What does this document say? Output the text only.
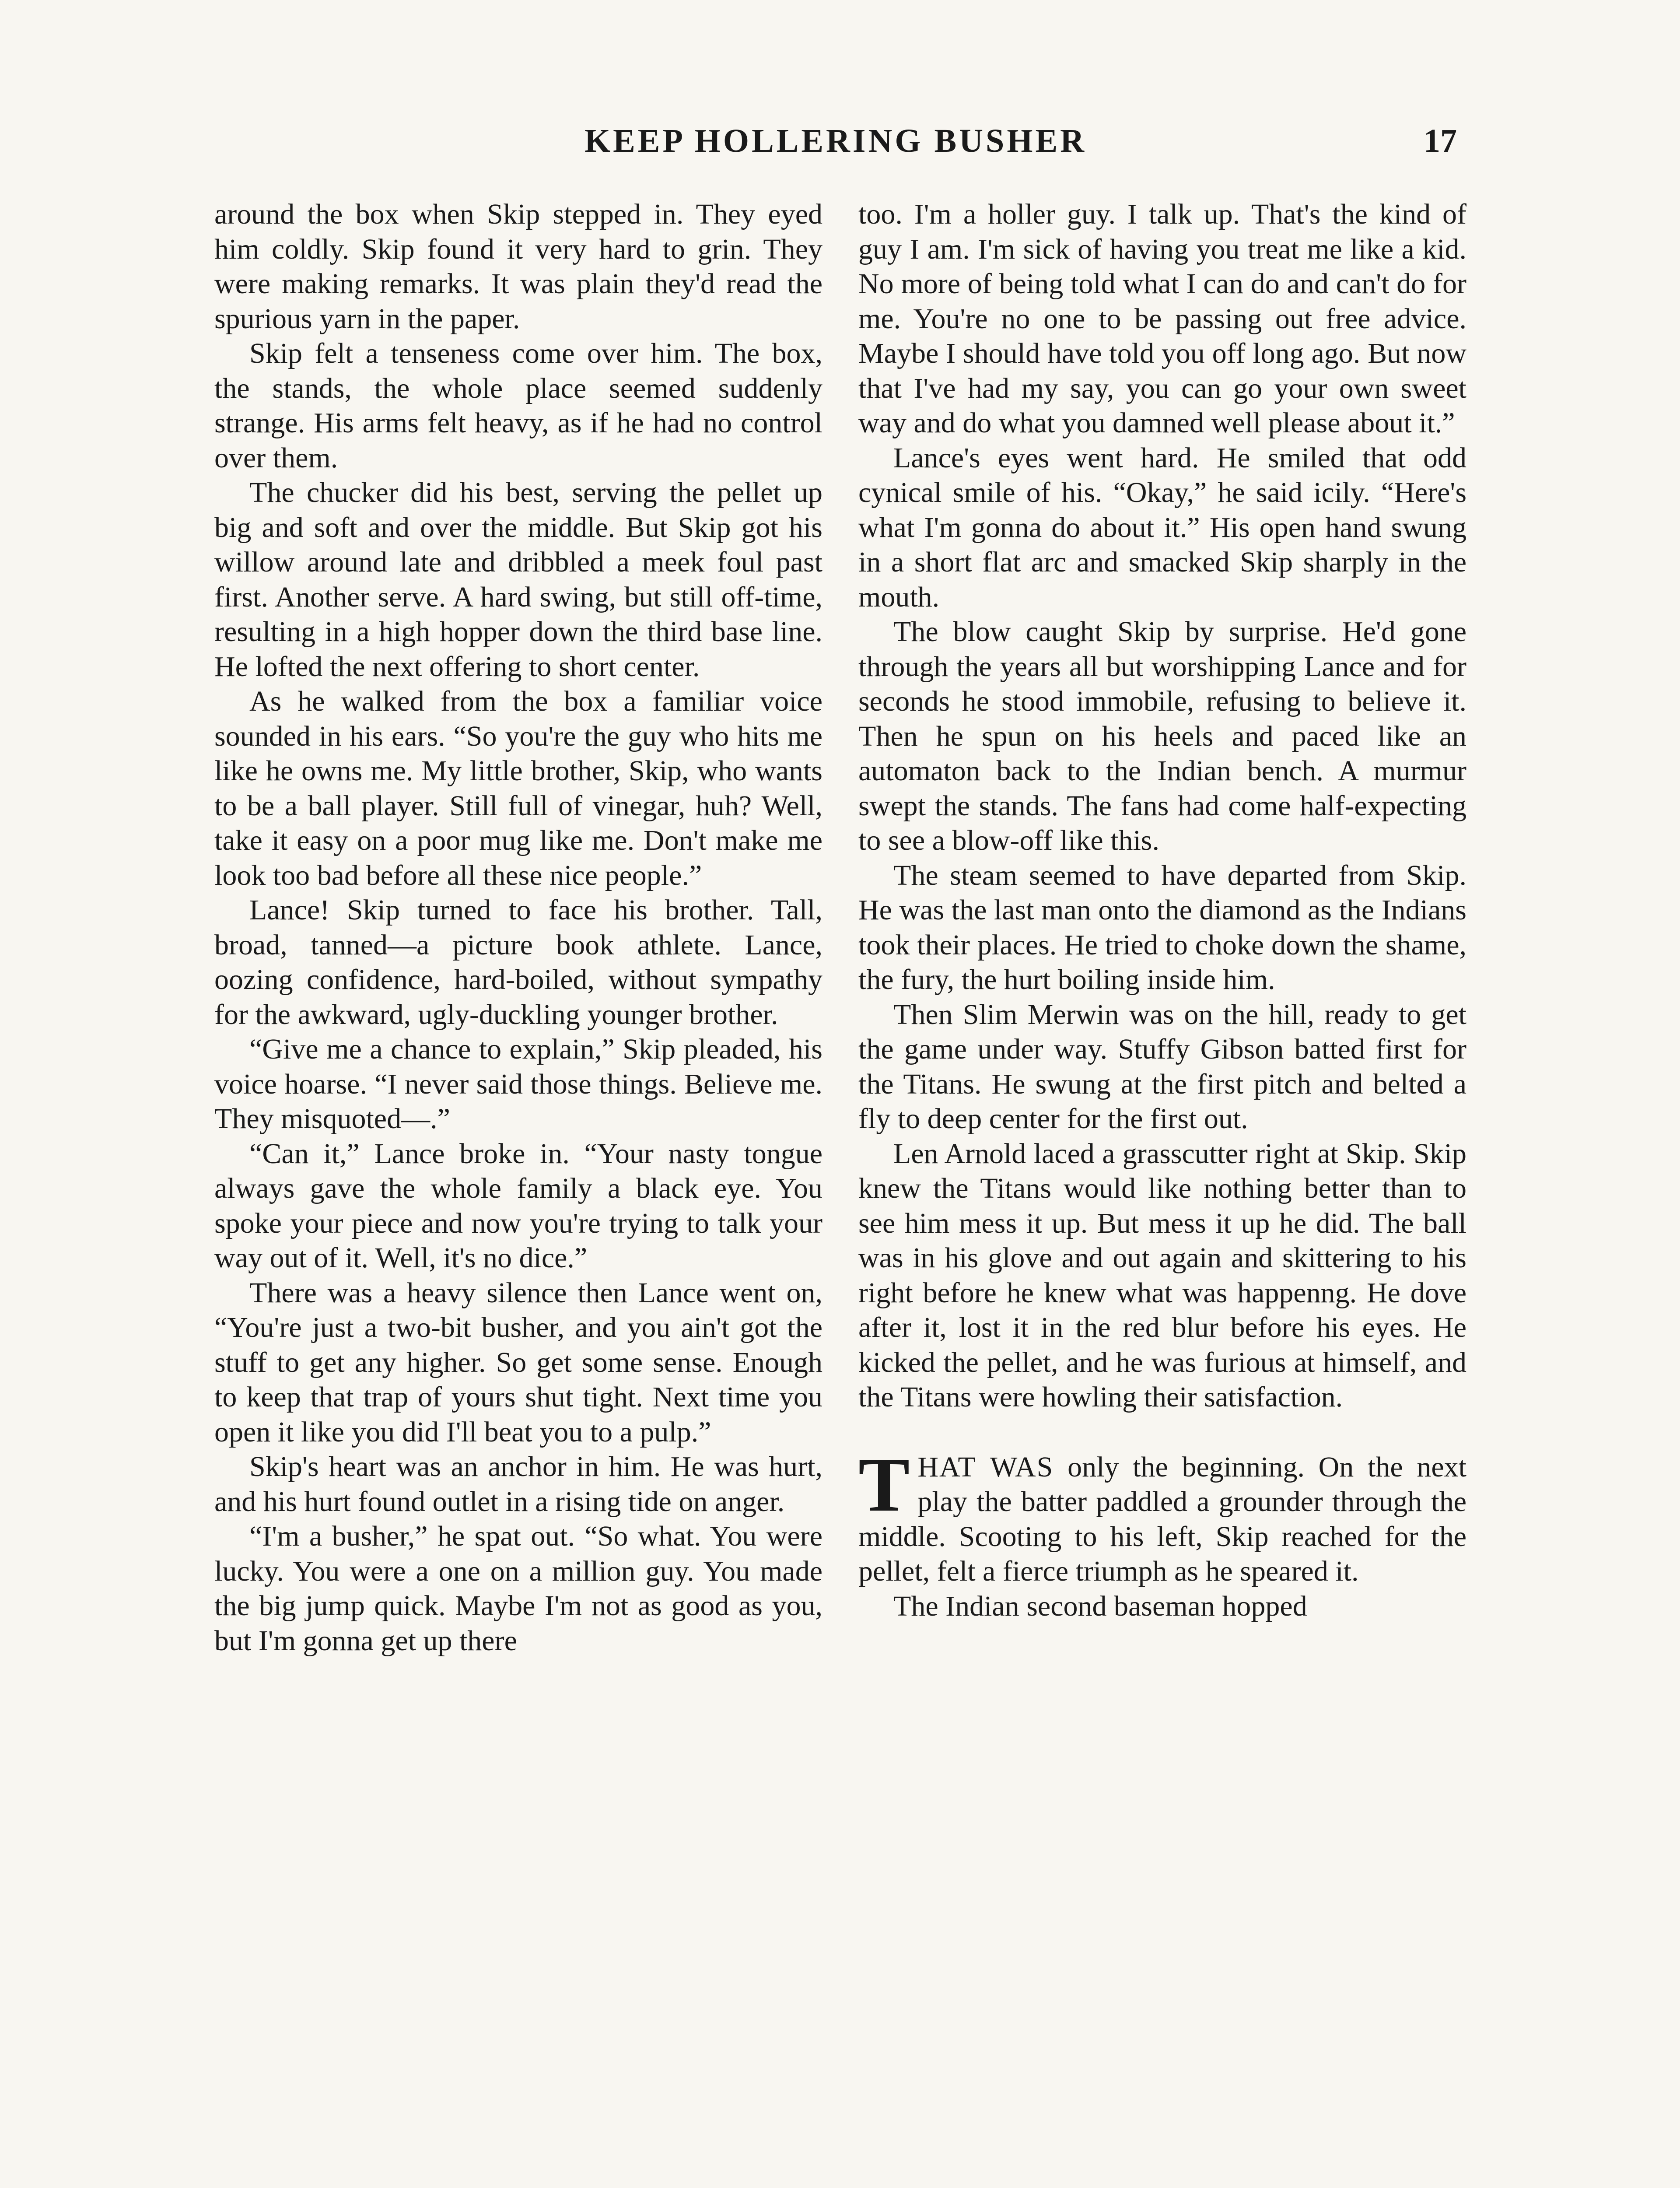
KEEP HOLLERING BUSHER	17

around the box when Skip stepped in. They eyed him coldly. Skip found it very hard to grin. They were making remarks. It was plain they'd read the spurious yarn in the paper.

Skip felt a tenseness come over him. The box, the stands, the whole place seemed suddenly strange. His arms felt heavy, as if he had no control over them.

The chucker did his best, serving the pellet up big and soft and over the middle. But Skip got his willow around late and dribbled a meek foul past first. Another serve. A hard swing, but still off-time, resulting in a high hopper down the third base line. He lofted the next offering to short center.

As he walked from the box a familiar voice sounded in his ears. “So you're the guy who hits me like he owns me. My little brother, Skip, who wants to be a ball player. Still full of vinegar, huh? Well, take it easy on a poor mug like me. Don't make me look too bad before all these nice people.”

Lance! Skip turned to face his brother. Tall, broad, tanned—a picture book athlete. Lance, oozing confidence, hard-boiled, without sympathy for the awkward, ugly-duckling younger brother.

“Give me a chance to explain,” Skip pleaded, his voice hoarse. “I never said those things. Believe me. They misquoted—.”

“Can it,” Lance broke in. “Your nasty tongue always gave the whole family a black eye. You spoke your piece and now you're trying to talk your way out of it. Well, it's no dice.”

There was a heavy silence then Lance went on, “You're just a two-bit busher, and you ain't got the stuff to get any higher. So get some sense. Enough to keep that trap of yours shut tight. Next time you open it like you did I'll beat you to a pulp.”

Skip's heart was an anchor in him. He was hurt, and his hurt found outlet in a rising tide on anger.

“I'm a busher,” he spat out. “So what. You were lucky. You were a one on a million guy. You made the big jump quick. Maybe I'm not as good as you, but I'm gonna get up there

too. I'm a holler guy. I talk up. That's the kind of guy I am. I'm sick of having you treat me like a kid. No more of being told what I can do and can't do for me. You're no one to be passing out free advice. Maybe I should have told you off long ago. But now that I've had my say, you can go your own sweet way and do what you damned well please about it.”

Lance's eyes went hard. He smiled that odd cynical smile of his. “Okay,” he said icily. “Here's what I'm gonna do about it.” His open hand swung in a short flat arc and smacked Skip sharply in the mouth.

The blow caught Skip by surprise. He'd gone through the years all but worshipping Lance and for seconds he stood immobile, refusing to believe it. Then he spun on his heels and paced like an automaton back to the Indian bench. A murmur swept the stands. The fans had come half-expecting to see a blow-off like this.

The steam seemed to have departed from Skip. He was the last man onto the diamond as the Indians took their places. He tried to choke down the shame, the fury, the hurt boiling inside him.

Then Slim Merwin was on the hill, ready to get the game under way. Stuffy Gibson batted first for the Titans. He swung at the first pitch and belted a fly to deep center for the first out.

Len Arnold laced a grasscutter right at Skip. Skip knew the Titans would like nothing better than to see him mess it up. But mess it up he did. The ball was in his glove and out again and skittering to his right before he knew what was happenng. He dove after it, lost it in the red blur before his eyes. He kicked the pellet, and he was furious at himself, and the Titans were howling their satisfaction.

THAT WAS only the beginning. On the next play the batter paddled a grounder through the middle. Scooting to his left, Skip reached for the pellet, felt a fierce triumph as he speared it.

The Indian second baseman hopped
